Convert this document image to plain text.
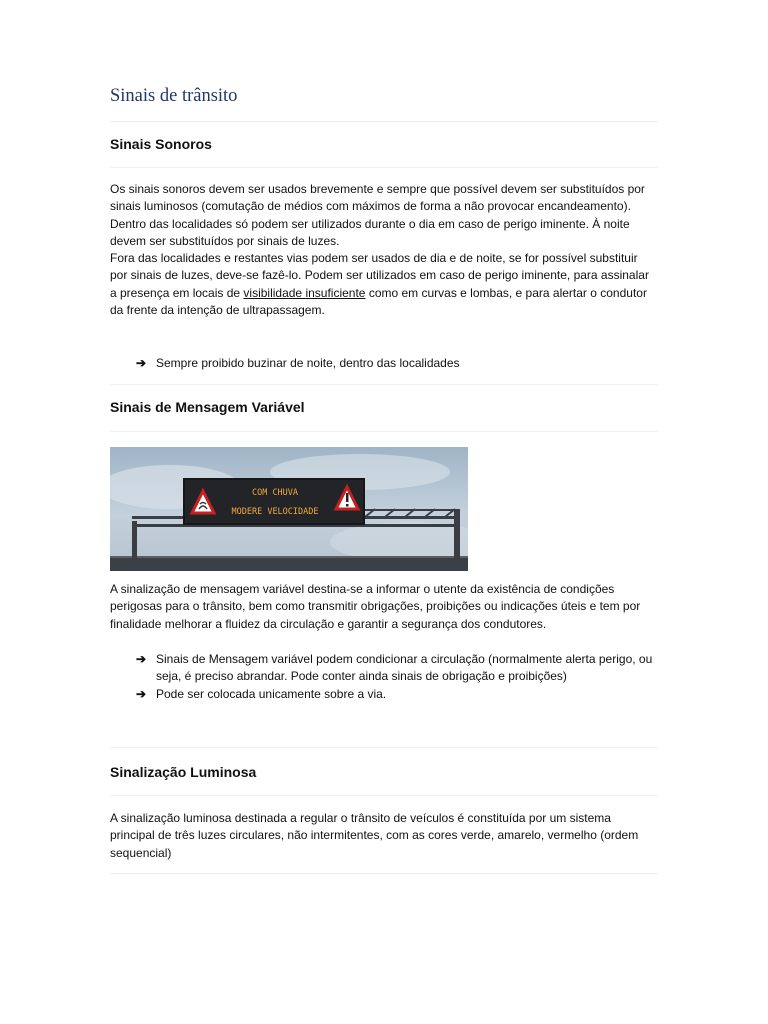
Sinais de trânsito
Sinais Sonoros

Os sinais sonoros devem ser usados brevemente e sempre que possível devem ser substituídos por sinais luminosos (comutação de médios com máximos de forma a não provocar encandeamento).

Dentro das localidades só podem ser utilizados durante o dia em caso de perigo iminente. À noite devem ser substituídos por sinais de luzes.

Fora das localidades e restantes vias podem ser usados de dia e de noite, se for possível substituir por sinais de luzes, deve-se fazê-lo. Podem ser utilizados em caso de perigo iminente, para assinalar a presença em locais de visibilidade insuficiente como em curvas e lombas, e para alertar o condutor da frente da intenção de ultrapassagem.

➔ Sempre proibido buzinar de noite, dentro das localidades
Sinais de Mensagem Variável
COM CHUVA
MODERE VELOCIDADE
A sinalização de mensagem variável destina-se a informar o utente da existência de condições perigosas para o trânsito, bem como transmitir obrigações, proibições ou indicações úteis e tem por finalidade melhorar a fluidez da circulação e garantir a segurança dos condutores.
➔ Sinais de Mensagem variável podem condicionar a circulação (normalmente alerta perigo, ou seja, é preciso abrandar. Pode conter ainda sinais de obrigação e proibições)
➔ Pode ser colocada unicamente sobre a via.
Sinalização Luminosa
A sinalização luminosa destinada a regular o trânsito de veículos é constituída por um sistema principal de três luzes circulares, não intermitentes, com as cores verde, amarelo, vermelho (ordem sequencial)
